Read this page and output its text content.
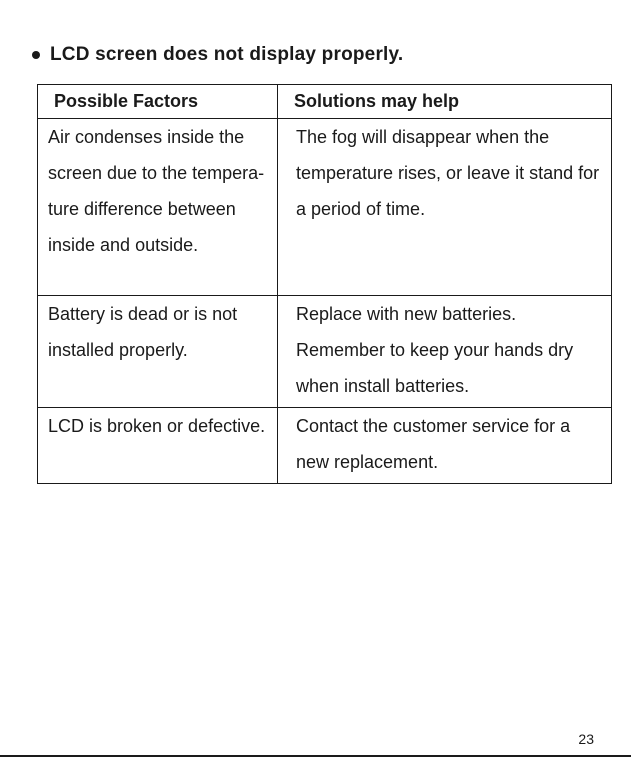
LCD screen does not display properly.
Possible Factors	Solutions may help

Air condenses inside the
screen due to the tempera-
ture difference between
inside and outside.	The fog will disappear when the
temperature rises, or leave it stand for
a period of time.

Battery is dead or is not
installed properly.	Replace with new batteries.
Remember to keep your hands dry
when install batteries.

LCD is broken or defective.	Contact the customer service for a
new replacement.
23
